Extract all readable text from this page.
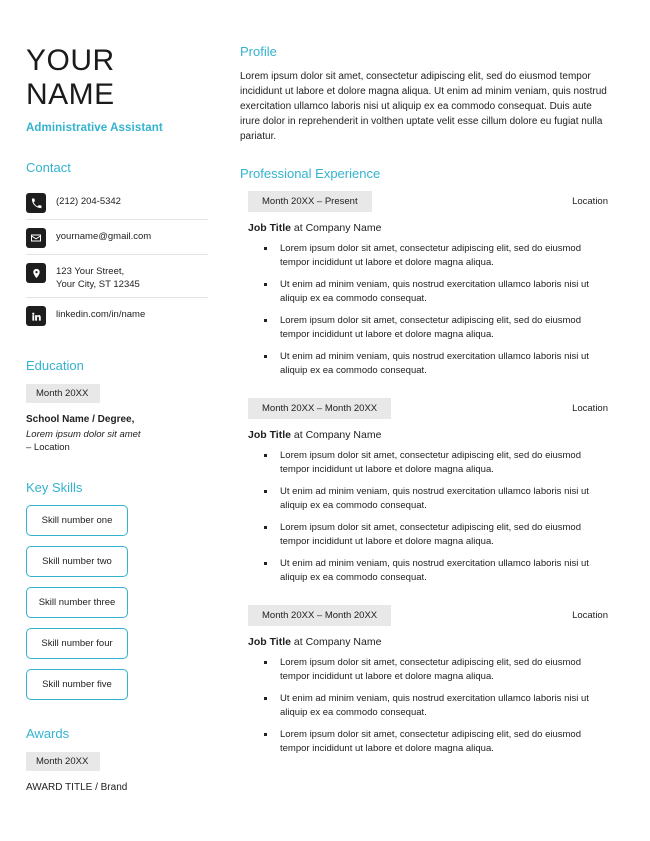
YOUR
NAME
Administrative Assistant
Contact
(212) 204-5342
yourname@gmail.com
123 Your Street,
Your City, ST 12345
linkedin.com/in/name
Education
Month 20XX
School Name / Degree,
Lorem ipsum dolor sit amet
– Location
Key Skills
Skill number one
Skill number two
Skill number three
Skill number four
Skill number five
Awards
Month 20XX
AWARD TITLE / Brand
Profile
Lorem ipsum dolor sit amet, consectetur adipiscing elit, sed do eiusmod tempor incididunt ut labore et dolore magna aliqua. Ut enim ad minim veniam, quis nostrud exercitation ullamco laboris nisi ut aliquip ex ea commodo consequat. Duis aute irure dolor in reprehenderit in volthen uptate velit esse cillum dolore eu fugiat nulla pariatur.
Professional Experience
Month 20XX – Present	Location
Job Title at Company Name
Lorem ipsum dolor sit amet, consectetur adipiscing elit, sed do eiusmod tempor incididunt ut labore et dolore magna aliqua.
Ut enim ad minim veniam, quis nostrud exercitation ullamco laboris nisi ut aliquip ex ea commodo consequat.
Lorem ipsum dolor sit amet, consectetur adipiscing elit, sed do eiusmod tempor incididunt ut labore et dolore magna aliqua.
Ut enim ad minim veniam, quis nostrud exercitation ullamco laboris nisi ut aliquip ex ea commodo consequat.
Month 20XX – Month 20XX	Location
Job Title at Company Name
Lorem ipsum dolor sit amet, consectetur adipiscing elit, sed do eiusmod tempor incididunt ut labore et dolore magna aliqua.
Ut enim ad minim veniam, quis nostrud exercitation ullamco laboris nisi ut aliquip ex ea commodo consequat.
Lorem ipsum dolor sit amet, consectetur adipiscing elit, sed do eiusmod tempor incididunt ut labore et dolore magna aliqua.
Ut enim ad minim veniam, quis nostrud exercitation ullamco laboris nisi ut aliquip ex ea commodo consequat.
Month 20XX – Month 20XX	Location
Job Title at Company Name
Lorem ipsum dolor sit amet, consectetur adipiscing elit, sed do eiusmod tempor incididunt ut labore et dolore magna aliqua.
Ut enim ad minim veniam, quis nostrud exercitation ullamco laboris nisi ut aliquip ex ea commodo consequat.
Lorem ipsum dolor sit amet, consectetur adipiscing elit, sed do eiusmod tempor incididunt ut labore et dolore magna aliqua.
